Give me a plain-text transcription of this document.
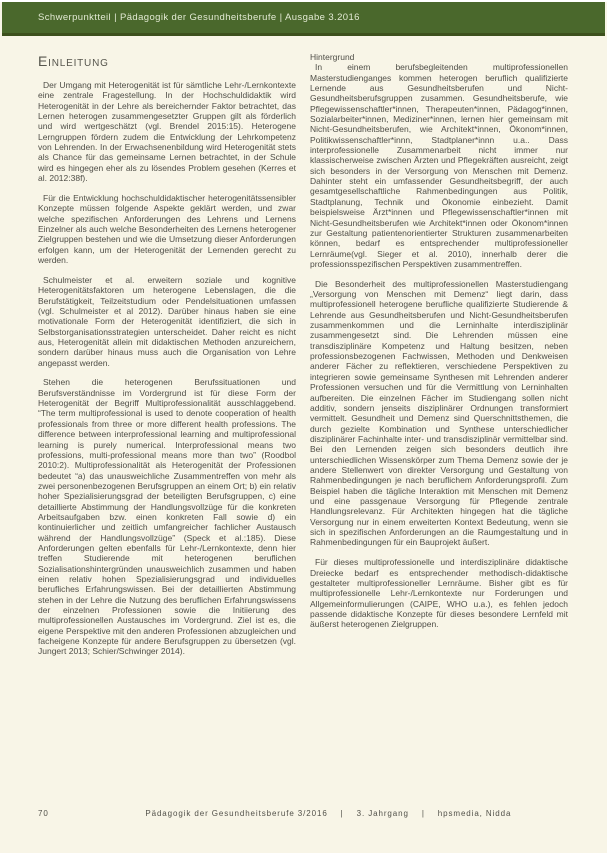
Schwerpunktteil | Pädagogik der Gesundheitsberufe | Ausgabe 3.2016
Einleitung

Der Umgang mit Heterogenität ist für sämtliche Lehr-/Lernkontexte eine zentrale Fragestellung. In der Hochschuldidaktik wird Heterogenität in der Lehre als bereichernder Faktor betrachtet, das Lernen heterogen zusammengesetzter Gruppen gilt als förderlich und wird wertgeschätzt (vgl. Brendel 2015:15). Heterogene Lerngruppen fördern zudem die Entwicklung der Lehrkompetenz von Lehrenden. In der Erwachsenenbildung wird Heterogenität stets als Chance für das gemeinsame Lernen betrachtet, in der Schule wird es hingegen eher als zu lösendes Problem gesehen (Kerres et al. 2012:38f).

Für die Entwicklung hochschuldidaktischer heterogenitätssensibler Konzepte müssen folgende Aspekte geklärt werden, und zwar welche spezifischen Anforderungen des Lehrens und Lernens Einzelner als auch welche Besonderheiten des Lernens heterogener Zielgruppen bestehen und wie die Umsetzung dieser Anforderungen erfolgen kann, um der Heterogenität der Lernenden gerecht zu werden.

Schulmeister et al. erweitern soziale und kognitive Heterogenitätsfaktoren um heterogene Lebenslagen, die die Berufstätigkeit, Teilzeitstudium oder Pendelsituationen umfassen (vgl. Schulmeister et al 2012). Darüber hinaus haben sie eine motivationale Form der Heterogenität identifiziert, die sich in Selbstorganisationsstrategien unterscheidet. Daher reicht es nicht aus, Heterogenität allein mit didaktischen Methoden anzureichern, sondern darüber hinaus muss auch die Organisation von Lehre angepasst werden.

Stehen die heterogenen Berufssituationen und Berufsverständnisse im Vordergrund ist für diese Form der Heterogenität der Begriff Multiprofessionalität ausschlaggebend. “The term multiprofessional is used to denote cooperation of health professionals from three or more different health professions. The difference between interprofessional learning and multiprofessional learning is purely numerical. Interprofessional means two professions, multi-professional means more than two” (Roodbol 2010:2). Multiprofessionalität als Heterogenität der Professionen bedeutet “a) das unausweichliche Zusammentreffen von mehr als zwei personenbezogenen Berufsgruppen an einem Ort; b) ein relativ hoher Spezialisierungsgrad der beteiligten Berufsgruppen, c) eine detaillierte Abstimmung der Handlungsvollzüge für die konkreten Arbeitsaufgaben bzw. einen konkreten Fall sowie d) ein kontinuierlicher und zeitlich umfangreicher fachlicher Austausch während der Handlungsvollzüge” (Speck et al.:185). Diese Anforderungen gelten ebenfalls für Lehr-/Lernkontexte, denn hier treffen Studierende mit heterogenen beruflichen Sozialisationshintergründen unausweichlich zusammen und haben einen relativ hohen Spezialisierungsgrad und individuelles berufliches Erfahrungswissen. Bei der detaillierten Abstimmung stehen in der Lehre die Nutzung des beruflichen Erfahrungswissens der einzelnen Professionen sowie die Initiierung des multiprofessionellen Austausches im Vordergrund. Ziel ist es, die eigene Perspektive mit den anderen Professionen abzugleichen und facheigene Konzepte für andere Berufsgruppen zu übersetzen (vgl. Jungert 2013; Schier/Schwinger 2014).

Hintergrund

In einem berufsbegleitenden multiprofessionellen Masterstudienganges kommen heterogen beruflich qualifizierte Lernende aus Gesundheitsberufen und Nicht-Gesundheitsberufsgruppen zusammen. Gesundheitsberufe, wie Pflegewissenschaftler*innen, Therapeuten*innen, Pädagog*innen, Sozialarbeiter*innen, Mediziner*innen, lernen hier gemeinsam mit Nicht-Gesundheitsberufen, wie Architekt*innen, Ökonom*innen, Politikwissenschaftler*innn, Stadtplaner*innn u.a.. Dass interprofessionelle Zusammenarbeit nicht immer nur klassischerweise zwischen Ärzten und Pflegekräften ausreicht, zeigt sich besonders in der Versorgung von Menschen mit Demenz. Dahinter steht ein umfassender Gesundheitsbegriff, der auch gesamtgesellschaftliche Rahmenbedingungen aus Politik, Stadtplanung, Technik und Ökonomie einbezieht. Damit beispielsweise Ärzt*innen und Pflegewissenschaftler*innen mit Nicht-Gesundheitsberufen wie Architekt*innen oder Ökonom*innen zur Gestaltung patientenorientierter Strukturen zusammenarbeiten können, bedarf es entsprechender multiprofessioneller Lernräume(vgl. Sieger et al. 2010), innerhalb derer die professionsspezifischen Perspektiven zusammentreffen.

Die Besonderheit des multiprofessionellen Masterstudiengang „Versorgung von Menschen mit Demenz“ liegt darin, dass multiprofessionell heterogene berufliche qualifizierte Studierende & Lehrende aus Gesundheitsberufen und Nicht-Gesundheitsberufen zusammenkommen und die Lerninhalte interdisziplinär zusammengesetzt sind. Die Lehrenden müssen eine transdisziplinäre Kompetenz und Haltung besitzen, neben professionsbezogenen Fachwissen, Methoden und Denkweisen anderer Fächer zu reflektieren, verschiedene Perspektiven zu integrieren sowie gemeinsame Synthesen mit Lehrenden anderer Professionen versuchen und für die Vermittlung von Lerninhalten aufbereiten. Die einzelnen Fächer im Studiengang sollen nicht additiv, sondern jenseits disziplinärer Ordnungen transformiert vermittelt. Gesundheit und Demenz sind Querschnittsthemen, die durch gezielte Kombination und Synthese unterschiedlicher disziplinärer Fachinhalte inter- und transdisziplinär vermittelbar sind. Bei den Lernenden zeigen sich besonders deutlich ihre unterschiedlichen Wissenskörper zum Thema Demenz sowie der je andere Stellenwert von direkter Versorgung und Gestaltung von Rahmenbedingungen je nach beruflichem Anforderungsprofil. Zum Beispiel haben die tägliche Interaktion mit Menschen mit Demenz und eine passgenaue Versorgung für Pflegende zentrale Handlungsrelevanz. Für Architekten hingegen hat die tägliche Versorgung nur in einem erweiterten Kontext Bedeutung, wenn sie sich in spezifischen Anforderungen an die Raumgestaltung und in Rahmenbedingungen für ein Bauprojekt äußert.

Für dieses multiprofessionelle und interdisziplinäre didaktische Dreiecke bedarf es entsprechender methodisch-didaktische gestalteter multiprofessioneller Lernräume. Bisher gibt es für multiprofessionelle Lehr-/Lernkontexte nur Forderungen und Allgemeinformulierungen (CAIPE, WHO u.a.), es fehlen jedoch passende didaktische Konzepte für dieses besondere Lernfeld mit äußerst heterogenen Zielgruppen.

70	Pädagogik der Gesundheitsberufe 3/2016 | 3. Jahrgang | hpsmedia, Nidda
